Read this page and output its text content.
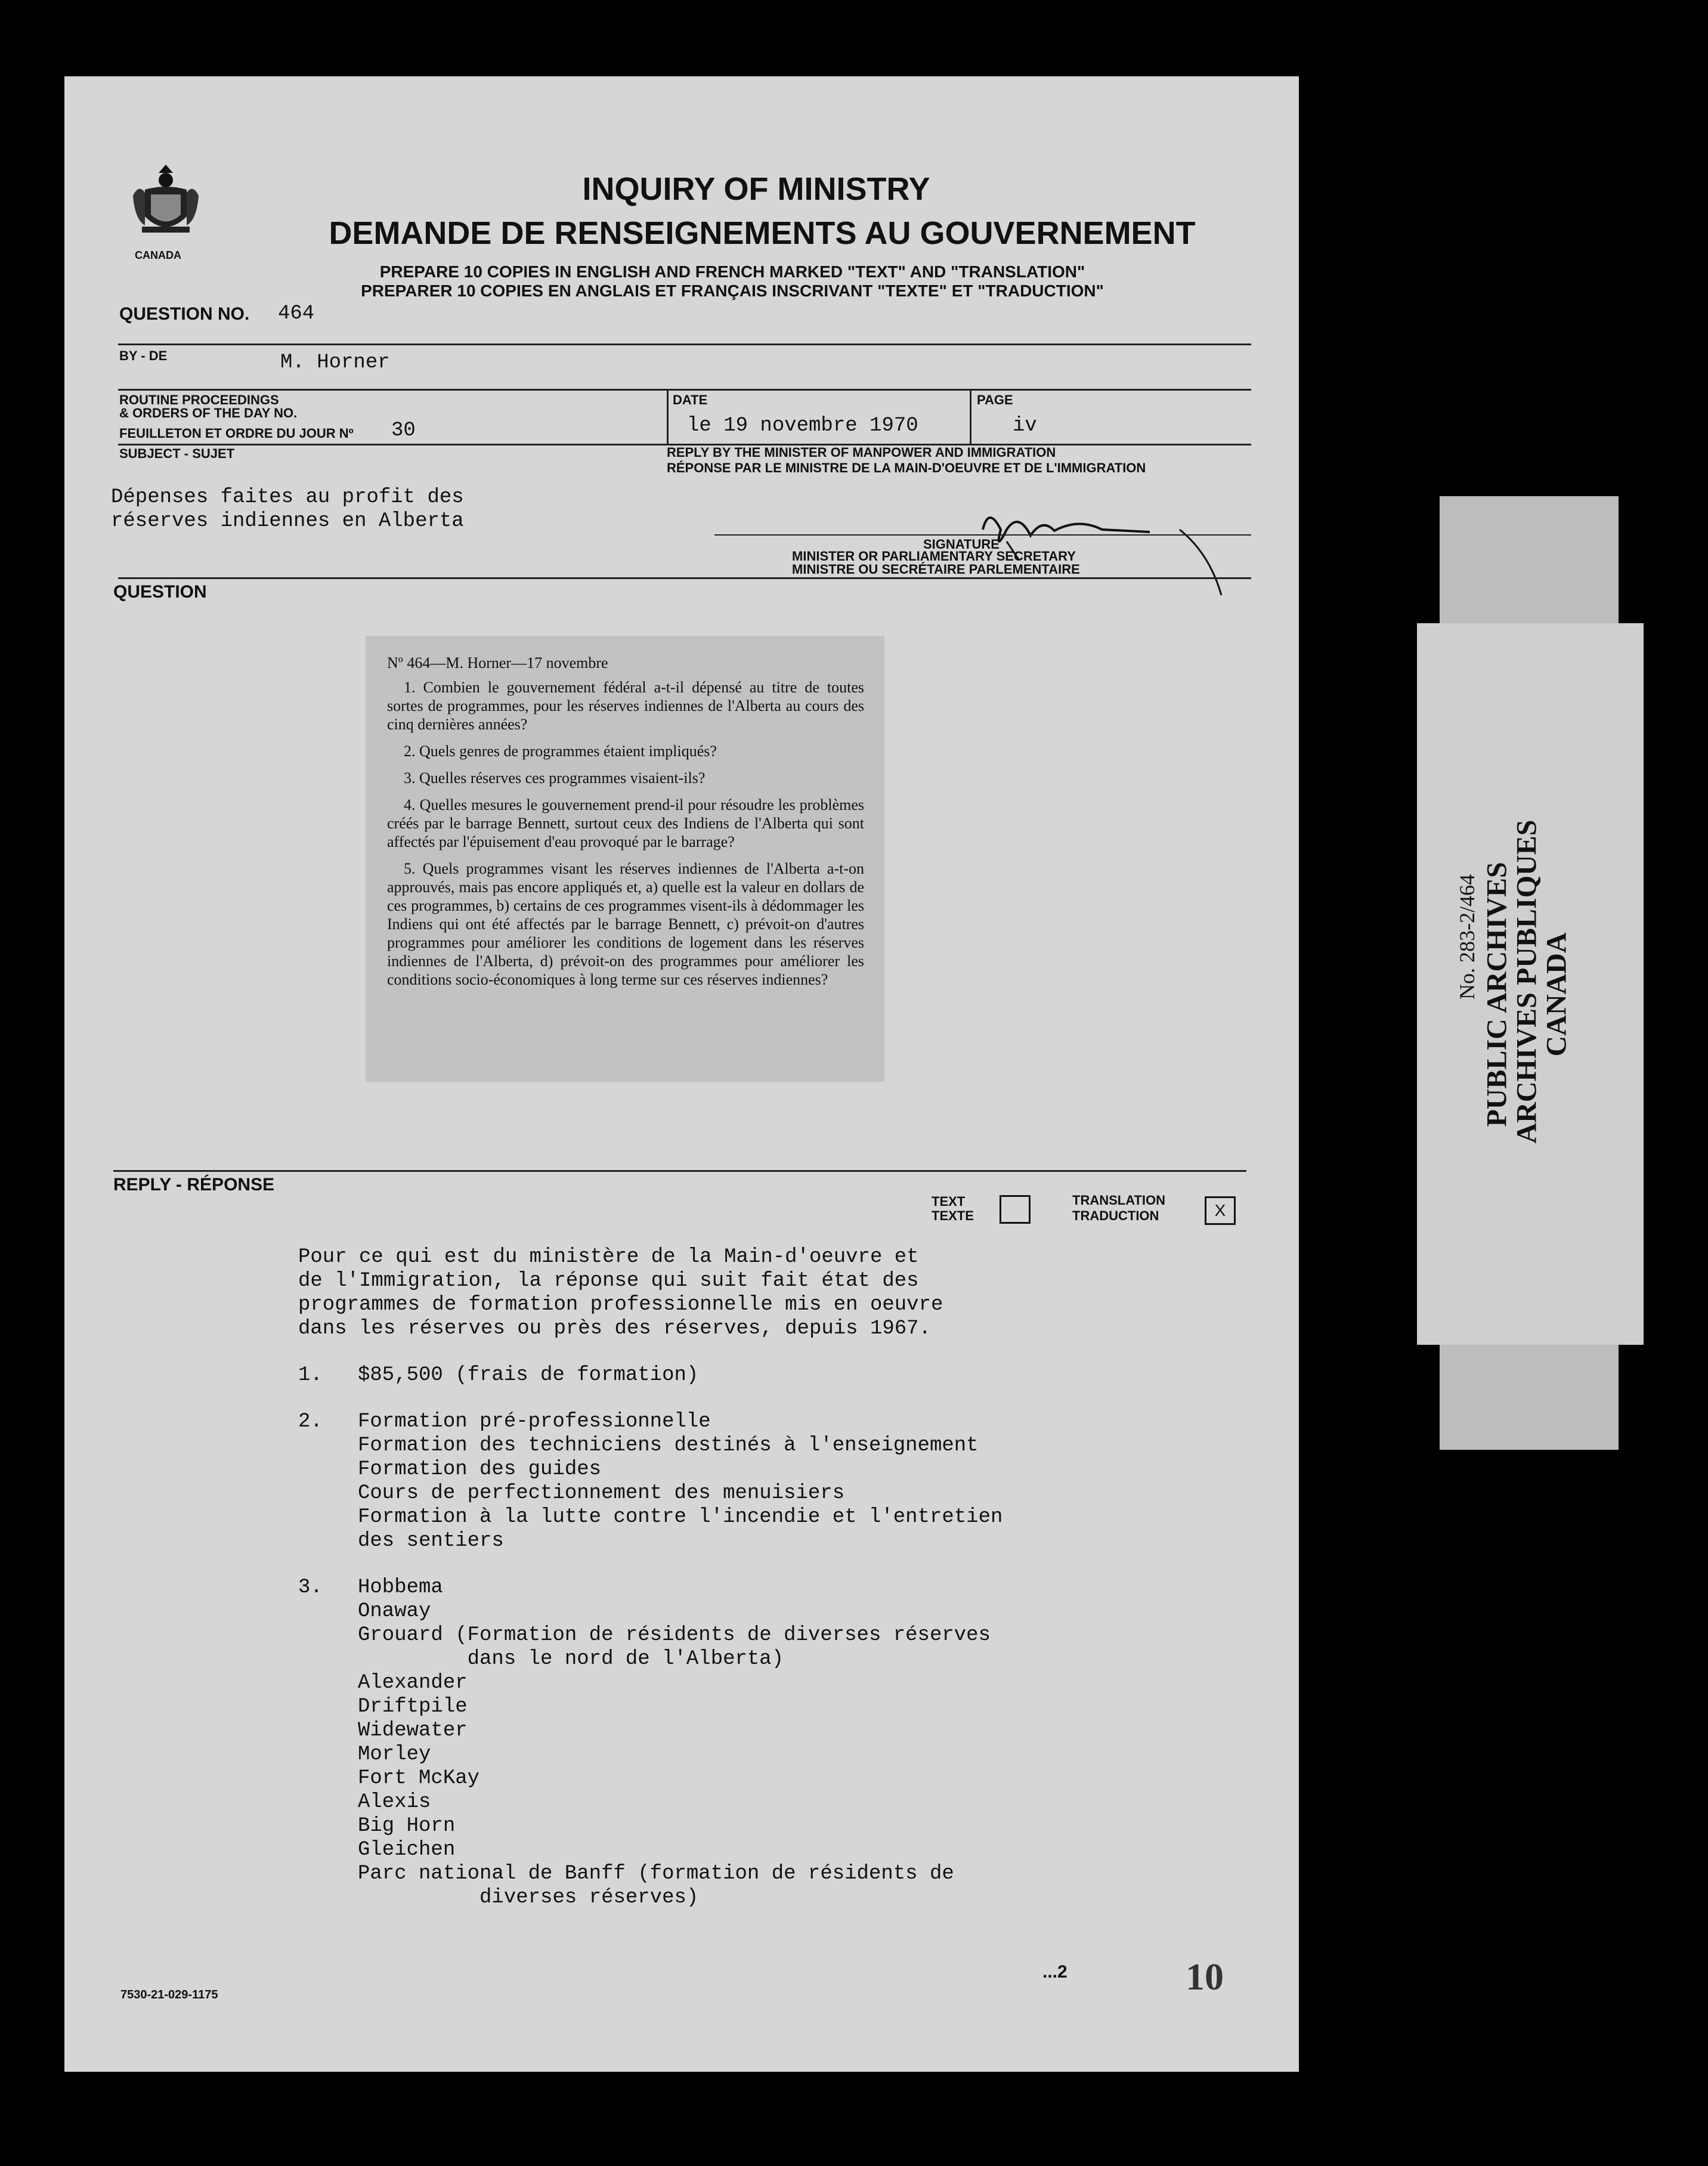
CANADA
INQUIRY OF MINISTRY
DEMANDE DE RENSEIGNEMENTS AU GOUVERNEMENT
PREPARE 10 COPIES IN ENGLISH AND FRENCH MARKED "TEXT" AND "TRANSLATION"
PREPARER 10 COPIES EN ANGLAIS ET FRANÇAIS INSCRIVANT "TEXTE" ET "TRADUCTION"
QUESTION NO. 464
BY - DE	M. Horner
ROUTINE PROCEEDINGS
& ORDERS OF THE DAY NO.
FEUILLETON ET ORDRE DU JOUR Nº 30
DATE
le 19 novembre 1970
PAGE
iv
SUBJECT - SUJET	REPLY BY THE MINISTER OF MANPOWER AND IMMIGRATION
RÉPONSE PAR LE MINISTRE DE LA MAIN-D'OEUVRE ET DE L'IMMIGRATION
Dépenses faites au profit des
réserves indiennes en Alberta
SIGNATURE
MINISTER OR PARLIAMENTARY SECRETARY
MINISTRE OU SECRÉTAIRE PARLEMENTAIRE
QUESTION
Nº 464—M. Horner—17 novembre
1. Combien le gouvernement fédéral a-t-il dépensé au titre de toutes sortes de programmes, pour les réserves indiennes de l'Alberta au cours des cinq dernières années?
2. Quels genres de programmes étaient impliqués?
3. Quelles réserves ces programmes visaient-ils?
4. Quelles mesures le gouvernement prend-il pour résoudre les problèmes créés par le barrage Bennett, surtout ceux des Indiens de l'Alberta qui sont affectés par l'épuisement d'eau provoqué par le barrage?
5. Quels programmes visant les réserves indiennes de l'Alberta a-t-on approuvés, mais pas encore appliqués et, a) quelle est la valeur en dollars de ces programmes, b) certains de ces programmes visent-ils à dédommager les Indiens qui ont été affectés par le barrage Bennett, c) prévoit-on d'autres programmes pour améliorer les conditions de logement dans les réserves indiennes de l'Alberta, d) prévoit-on des programmes pour améliorer les conditions socio-économiques à long terme sur ces réserves indiennes?
REPLY - RÉPONSE
TEXT
TEXTE
TRANSLATION
TRADUCTION	X
Pour ce qui est du ministère de la Main-d'oeuvre et
de l'Immigration, la réponse qui suit fait état des
programmes de formation professionnelle mis en oeuvre
dans les réserves ou près des réserves, depuis 1967.
1. $85,500 (frais de formation)
2. Formation pré-professionnelle
Formation des techniciens destinés à l'enseignement
Formation des guides
Cours de perfectionnement des menuisiers
Formation à la lutte contre l'incendie et l'entretien
des sentiers
3. Hobbema
Onaway
Grouard (Formation de résidents de diverses réserves
dans le nord de l'Alberta)
Alexander
Driftpile
Widewater
Morley
Fort McKay
Alexis
Big Horn
Gleichen
Parc national de Banff (formation de résidents de
diverses réserves)
7530-21-029-1175
...2	10
PUBLIC ARCHIVES
ARCHIVES PUBLIQUES
CANADA
No. 283-2/464
